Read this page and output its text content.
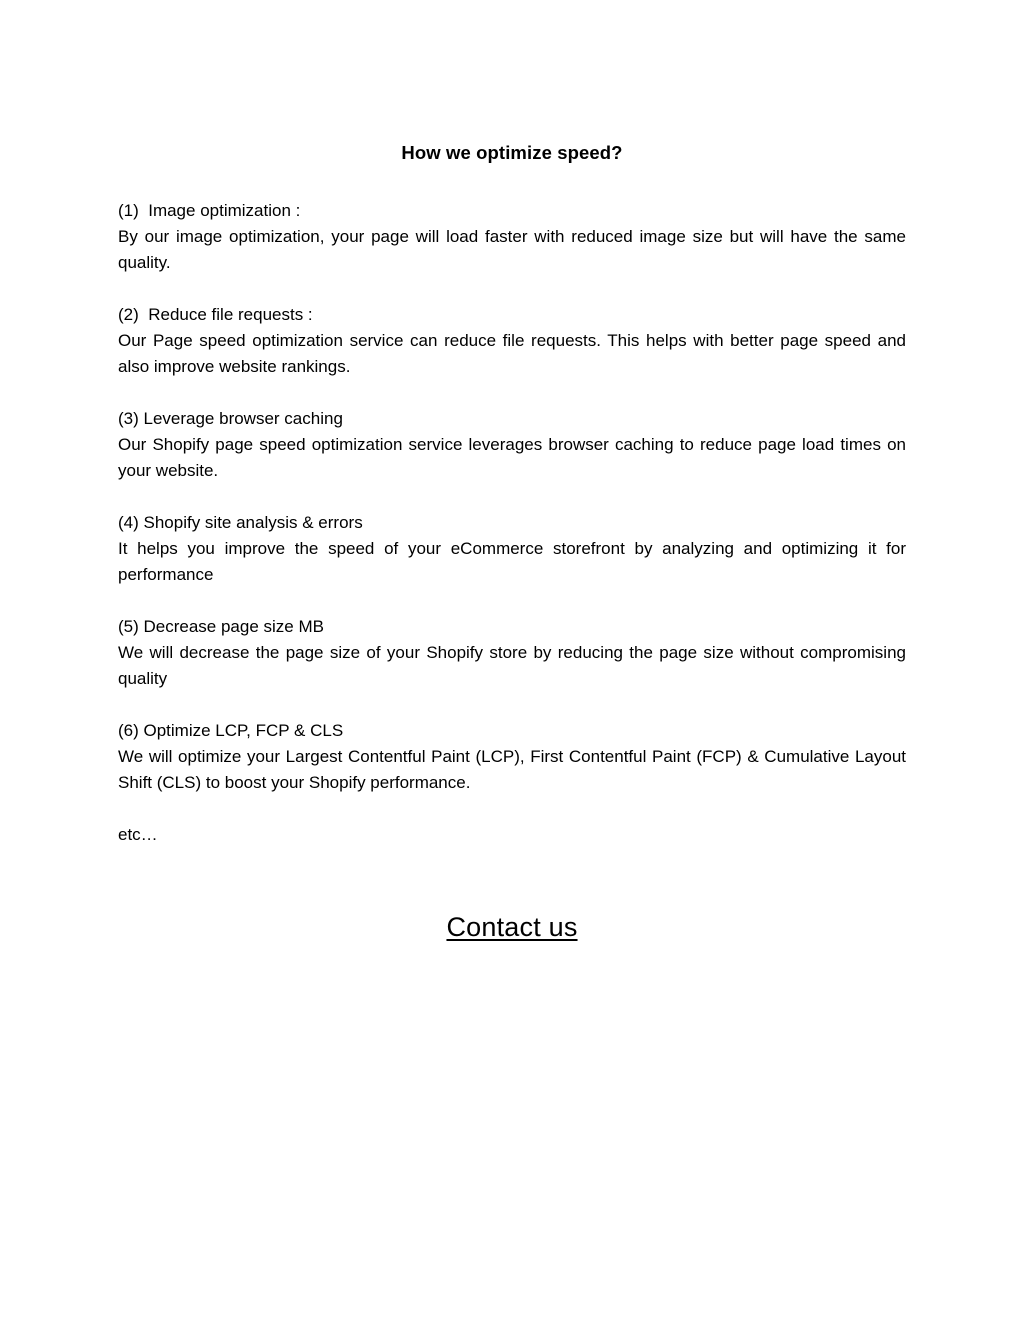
How we optimize speed?

(1)  Image optimization :

By our image optimization, your page will load faster with reduced image size but will have the same quality.

(2)  Reduce file requests :

Our Page speed optimization service can reduce file requests. This helps with better page speed and also improve website rankings.

(3) Leverage browser caching

Our Shopify page speed optimization service leverages browser caching to reduce page load times on your website.

(4) Shopify site analysis & errors

It helps you improve the speed of your eCommerce storefront by analyzing and optimizing it for performance

(5) Decrease page size MB

We will decrease the page size of your Shopify store by reducing the page size without compromising quality

(6) Optimize LCP, FCP & CLS

We will optimize your Largest Contentful Paint (LCP), First Contentful Paint (FCP) & Cumulative Layout Shift (CLS) to boost your Shopify performance.

etc…

Contact us
